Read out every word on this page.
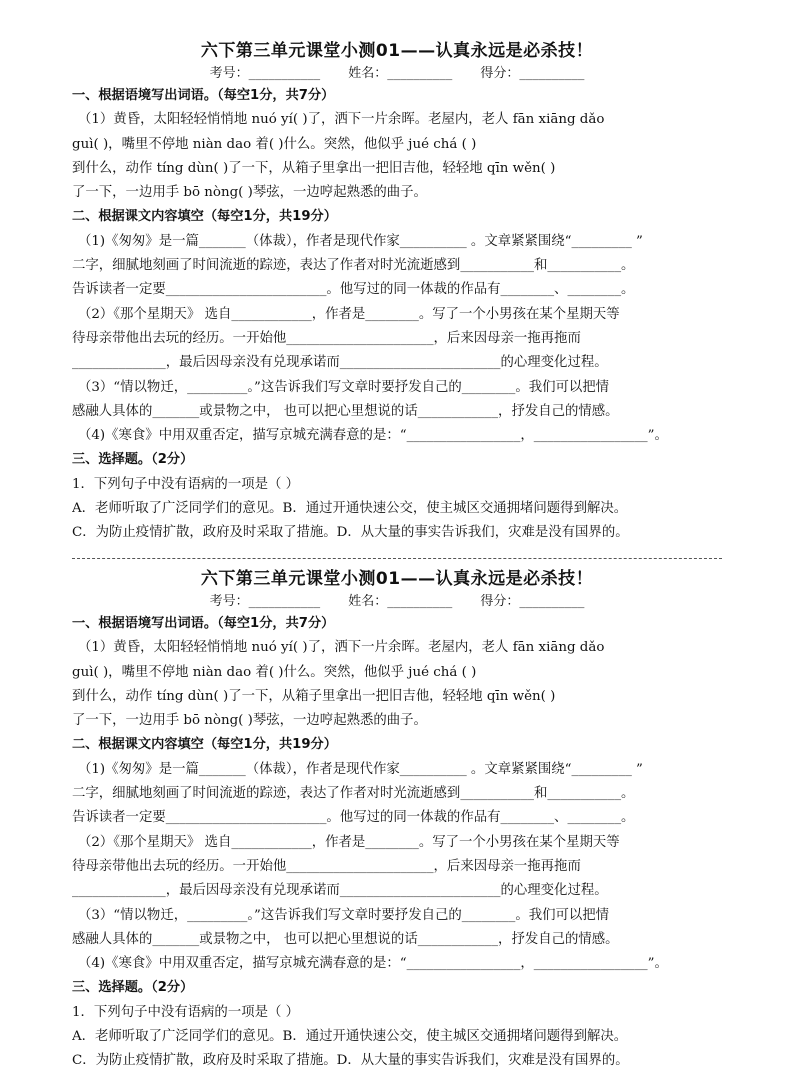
六下第三单元课堂小测01——认真永远是必杀技！
考号：___________ 姓名：__________ 得分：__________
一、根据语境写出词语。（每空1分，共7分）
（1）黄昏，太阳轻轻悄悄地 nuó yí( )了，洒下一片余晖。老屋内，老人 fān xiāng dǎo
guì( )，嘴里不停地 niàn dao 着( )什么。突然，他似乎 jué chá ( )
到什么，动作 tíng dùn( )了一下，从箱子里拿出一把旧吉他，轻轻地 qīn wěn( )
了一下，一边用手 bō nòng( )琴弦，一边哼起熟悉的曲子。
二、根据课文内容填空（每空1分，共19分）
（1)《匆匆》是一篇_______（体裁），作者是现代作家__________ 。文章紧紧围绕“_________ ”
二字，细腻地刻画了时间流逝的踪迹，表达了作者对时光流逝感到___________和___________。
告诉读者一定要________________________。他写过的同一体裁的作品有________、________。
（2）《那个星期天》 选自____________，作者是________。写了一个小男孩在某个星期天等
待母亲带他出去玩的经历。一开始他______________________，后来因母亲一拖再拖而
______________，最后因母亲没有兑现承诺而________________________的心理变化过程。
（3）“情以物迁，_________。”这告诉我们写文章时要抒发自己的________。我们可以把情
感融人具体的_______或景物之中， 也可以把心里想说的话____________，抒发自己的情感。
（4)《寒食》中用双重否定，描写京城充满春意的是：“_________________，_________________”。
三、选择题。（2分）
1．下列句子中没有语病的一项是（ ）
A．老师听取了广泛同学们的意见。B．通过开通快速公交，使主城区交通拥堵问题得到解决。
C．为防止疫情扩散，政府及时采取了措施。D．从大量的事实告诉我们，灾难是没有国界的。
六下第三单元课堂小测01——认真永远是必杀技！
考号：___________ 姓名：__________ 得分：__________
一、根据语境写出词语。（每空1分，共7分）
（1）黄昏，太阳轻轻悄悄地 nuó yí( )了，洒下一片余晖。老屋内，老人 fān xiāng dǎo
guì( )，嘴里不停地 niàn dao 着( )什么。突然，他似乎 jué chá ( )
到什么，动作 tíng dùn( )了一下，从箱子里拿出一把旧吉他，轻轻地 qīn wěn( )
了一下，一边用手 bō nòng( )琴弦，一边哼起熟悉的曲子。
二、根据课文内容填空（每空1分，共19分）
（1)《匆匆》是一篇_______（体裁），作者是现代作家__________ 。文章紧紧围绕“_________ ”
二字，细腻地刻画了时间流逝的踪迹，表达了作者对时光流逝感到___________和___________。
告诉读者一定要________________________。他写过的同一体裁的作品有________、________。
（2）《那个星期天》 选自____________，作者是________。写了一个小男孩在某个星期天等
待母亲带他出去玩的经历。一开始他______________________，后来因母亲一拖再拖而
______________，最后因母亲没有兑现承诺而________________________的心理变化过程。
（3）“情以物迁，_________。”这告诉我们写文章时要抒发自己的________。我们可以把情
感融人具体的_______或景物之中， 也可以把心里想说的话____________，抒发自己的情感。
（4)《寒食》中用双重否定，描写京城充满春意的是：“_________________，_________________”。
三、选择题。（2分）
1．下列句子中没有语病的一项是（ ）
A．老师听取了广泛同学们的意见。B．通过开通快速公交，使主城区交通拥堵问题得到解决。
C．为防止疫情扩散，政府及时采取了措施。D．从大量的事实告诉我们，灾难是没有国界的。
